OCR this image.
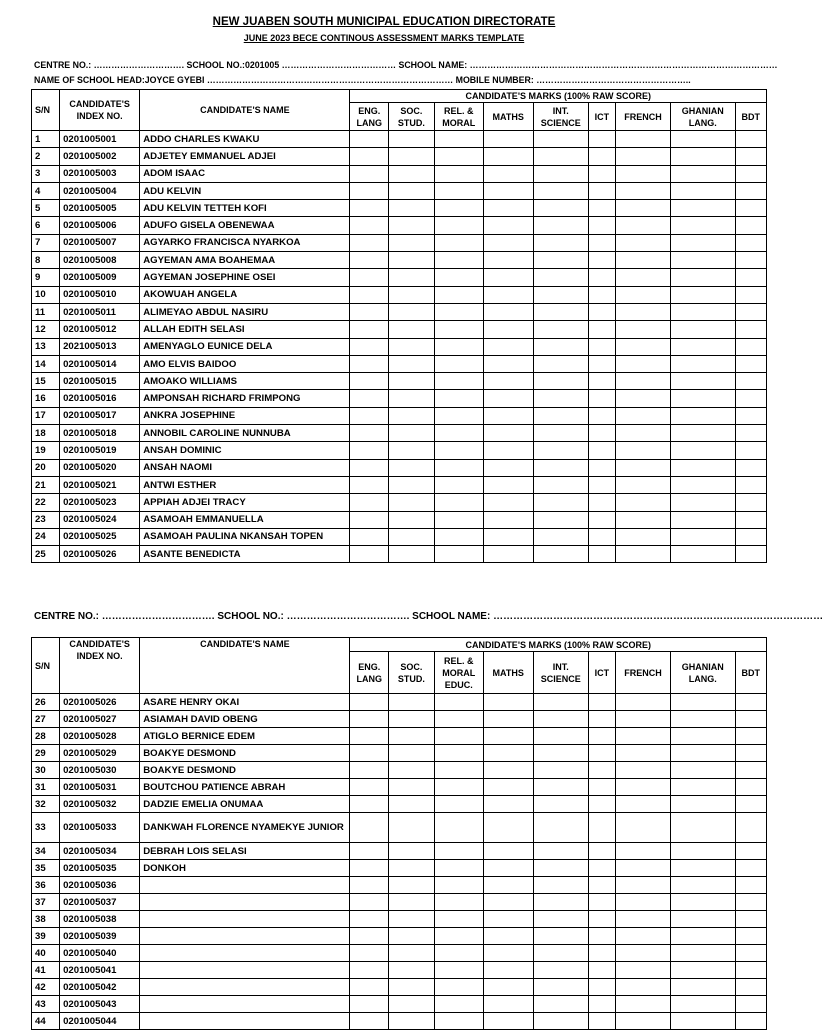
NEW JUABEN SOUTH MUNICIPAL EDUCATION DIRECTORATE
JUNE 2023 BECE CONTINOUS ASSESSMENT MARKS TEMPLATE
CENTRE NO.: …………………………. SCHOOL NO.:0201005 ………………………………… SCHOOL NAME: ……………………………………………………………………………………………
NAME OF SCHOOL HEAD:JOYCE GYEBI ………………………………………………………………………… MOBILE NUMBER: ……………………………………………..
S/N	CANDIDATE'S INDEX NO.	CANDIDATE'S NAME	CANDIDATE'S MARKS (100% RAW SCORE)								
			ENG. LANG	SOC. STUD.	REL. & MORAL	MATHS	INT. SCIENCE	ICT	FRENCH	GHANIAN LANG.	BDT
1	0201005001	ADDO CHARLES KWAKU									
2	0201005002	ADJETEY EMMANUEL ADJEI									
3	0201005003	ADOM ISAAC									
4	0201005004	ADU KELVIN									
5	0201005005	ADU KELVIN TETTEH KOFI									
6	0201005006	ADUFO GISELA OBENEWAA									
7	0201005007	AGYARKO FRANCISCA NYARKOA									
8	0201005008	AGYEMAN AMA BOAHEMAA									
9	0201005009	AGYEMAN JOSEPHINE OSEI									
10	0201005010	AKOWUAH ANGELA									
11	0201005011	ALIMEYAO ABDUL NASIRU									
12	0201005012	ALLAH EDITH SELASI									
13	2021005013	AMENYAGLO EUNICE DELA									
14	0201005014	AMO ELVIS BAIDOO									
15	0201005015	AMOAKO WILLIAMS									
16	0201005016	AMPONSAH RICHARD FRIMPONG									
17	0201005017	ANKRA JOSEPHINE									
18	0201005018	ANNOBIL CAROLINE NUNNUBA									
19	0201005019	ANSAH DOMINIC									
20	0201005020	ANSAH NAOMI									
21	0201005021	ANTWI ESTHER									
22	0201005023	APPIAH ADJEI TRACY									
23	0201005024	ASAMOAH EMMANUELLA									
24	0201005025	ASAMOAH PAULINA NKANSAH TOPEN									
25	0201005026	ASANTE BENEDICTA									
CENTRE NO.: ……………………………. SCHOOL NO.: ………………………………. SCHOOL NAME: ………………………………………………………………………………………
S/N	CANDIDATE'S INDEX NO.	CANDIDATE'S NAME	CANDIDATE'S MARKS (100% RAW SCORE)								
			ENG. LANG	SOC. STUD.	REL. & MORAL EDUC.	MATHS	INT. SCIENCE	ICT	FRENCH	GHANIAN LANG.	BDT
26	0201005026	ASARE HENRY OKAI									
27	0201005027	ASIAMAH DAVID OBENG									
28	0201005028	ATIGLO BERNICE EDEM									
29	0201005029	BOAKYE DESMOND									
30	0201005030	BOAKYE DESMOND									
31	0201005031	BOUTCHOU PATIENCE ABRAH									
32	0201005032	DADZIE EMELIA ONUMAA									
33	0201005033	DANKWAH FLORENCE NYAMEKYE JUNIOR									
34	0201005034	DEBRAH LOIS SELASI									
35	0201005035	DONKOH									
36	0201005036										
37	0201005037										
38	0201005038										
39	0201005039										
40	0201005040										
41	0201005041										
42	0201005042										
43	0201005043										
44	0201005044										
